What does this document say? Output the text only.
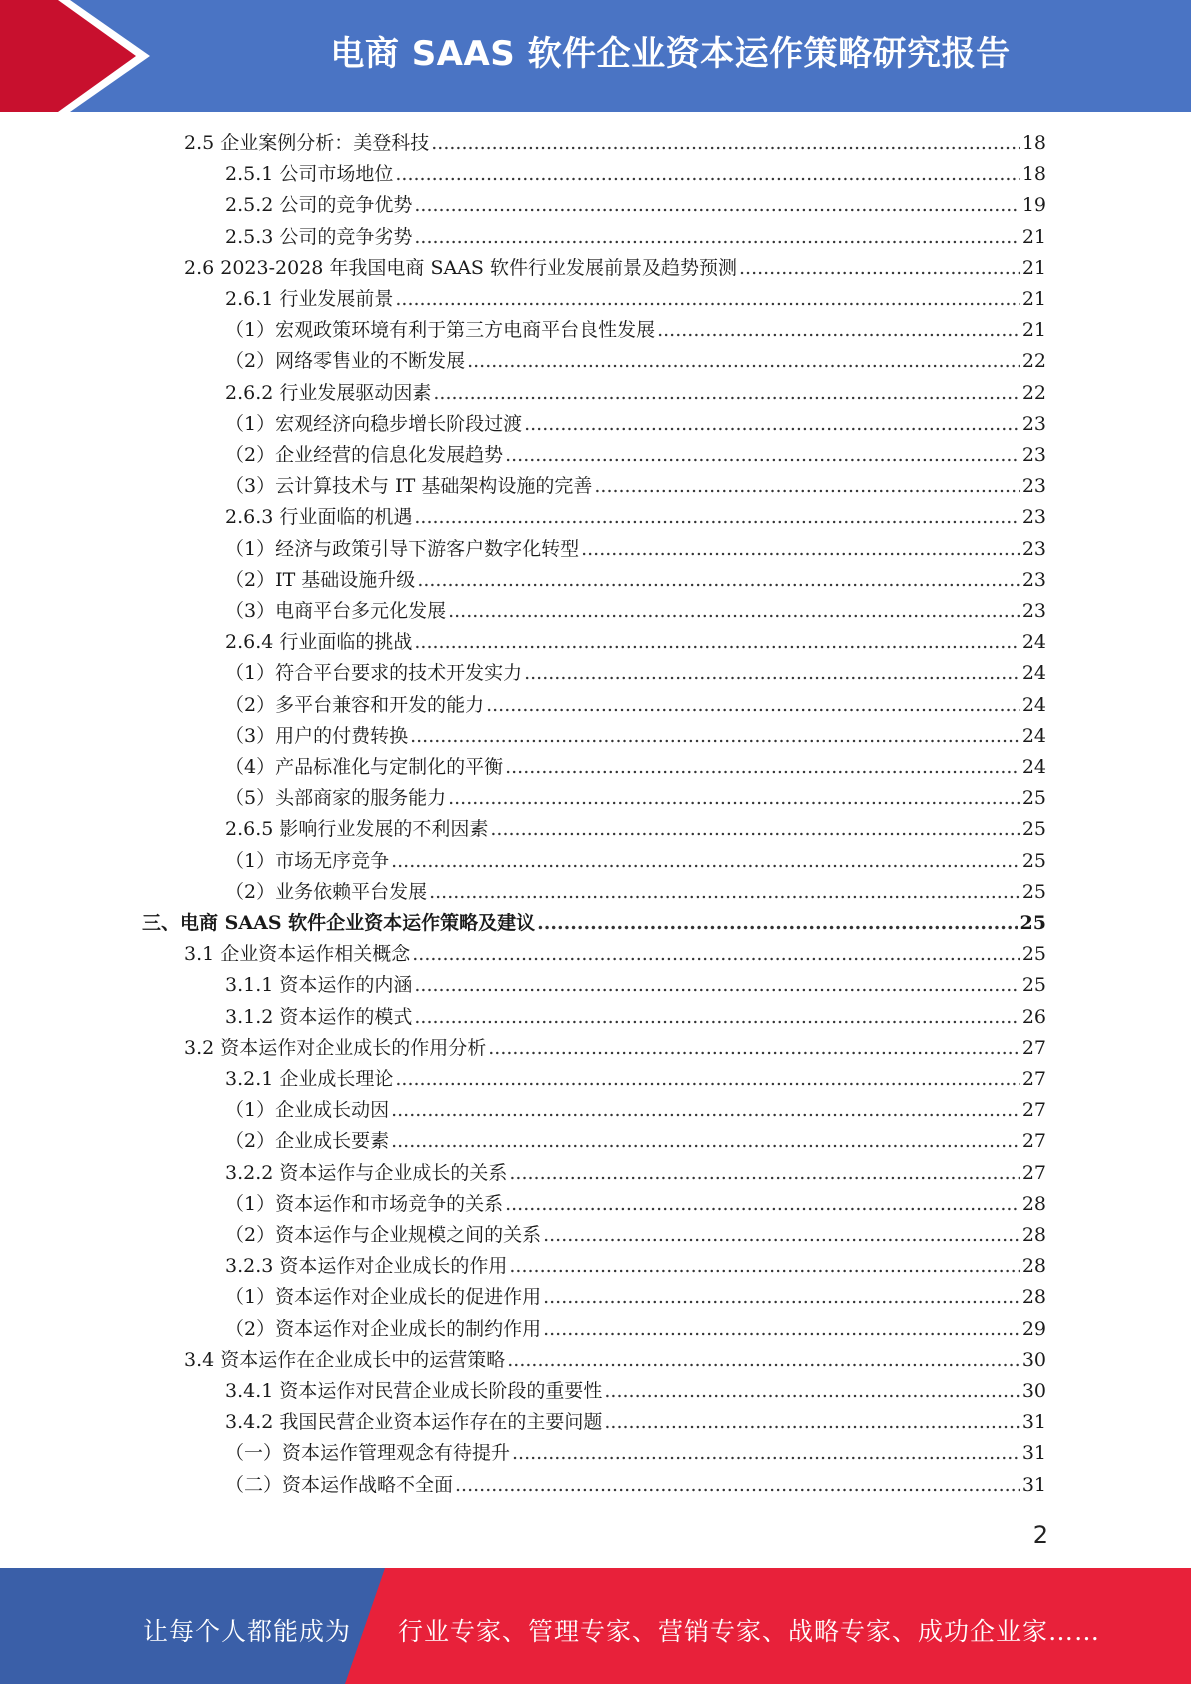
电商 SAAS 软件企业资本运作策略研究报告
2.5 企业案例分析：美登科技 .....	18
2.5.1 公司市场地位 .....	18
2.5.2 公司的竞争优势 .....	19
2.5.3 公司的竞争劣势 .....	21
2.6 2023-2028 年我国电商 SAAS 软件行业发展前景及趋势预测 .....	21
2.6.1 行业发展前景 .....	21
（1）宏观政策环境有利于第三方电商平台良性发展 .....	21
（2）网络零售业的不断发展 .....	22
2.6.2 行业发展驱动因素 .....	22
（1）宏观经济向稳步增长阶段过渡 .....	23
（2）企业经营的信息化发展趋势 .....	23
（3）云计算技术与 IT 基础架构设施的完善 .....	23
2.6.3 行业面临的机遇 .....	23
（1）经济与政策引导下游客户数字化转型 .....	23
（2）IT 基础设施升级 .....	23
（3）电商平台多元化发展 .....	23
2.6.4 行业面临的挑战 .....	24
（1）符合平台要求的技术开发实力 .....	24
（2）多平台兼容和开发的能力 .....	24
（3）用户的付费转换 .....	24
（4）产品标准化与定制化的平衡 .....	24
（5）头部商家的服务能力 .....	25
2.6.5 影响行业发展的不利因素 .....	25
（1）市场无序竞争 .....	25
（2）业务依赖平台发展 .....	25
三、电商 SAAS 软件企业资本运作策略及建议 .....	25
3.1 企业资本运作相关概念 .....	25
3.1.1 资本运作的内涵 .....	25
3.1.2 资本运作的模式 .....	26
3.2 资本运作对企业成长的作用分析 .....	27
3.2.1 企业成长理论 .....	27
（1）企业成长动因 .....	27
（2）企业成长要素 .....	27
3.2.2 资本运作与企业成长的关系 .....	27
（1）资本运作和市场竞争的关系 .....	28
（2）资本运作与企业规模之间的关系 .....	28
3.2.3 资本运作对企业成长的作用 .....	28
（1）资本运作对企业成长的促进作用 .....	28
（2）资本运作对企业成长的制约作用 .....	29
3.4 资本运作在企业成长中的运营策略 .....	30
3.4.1 资本运作对民营企业成长阶段的重要性 .....	30
3.4.2 我国民营企业资本运作存在的主要问题 .....	31
（一）资本运作管理观念有待提升 .....	31
（二）资本运作战略不全面 .....	31
2
让每个人都能成为 行业专家、管理专家、营销专家、战略专家、成功企业家……
